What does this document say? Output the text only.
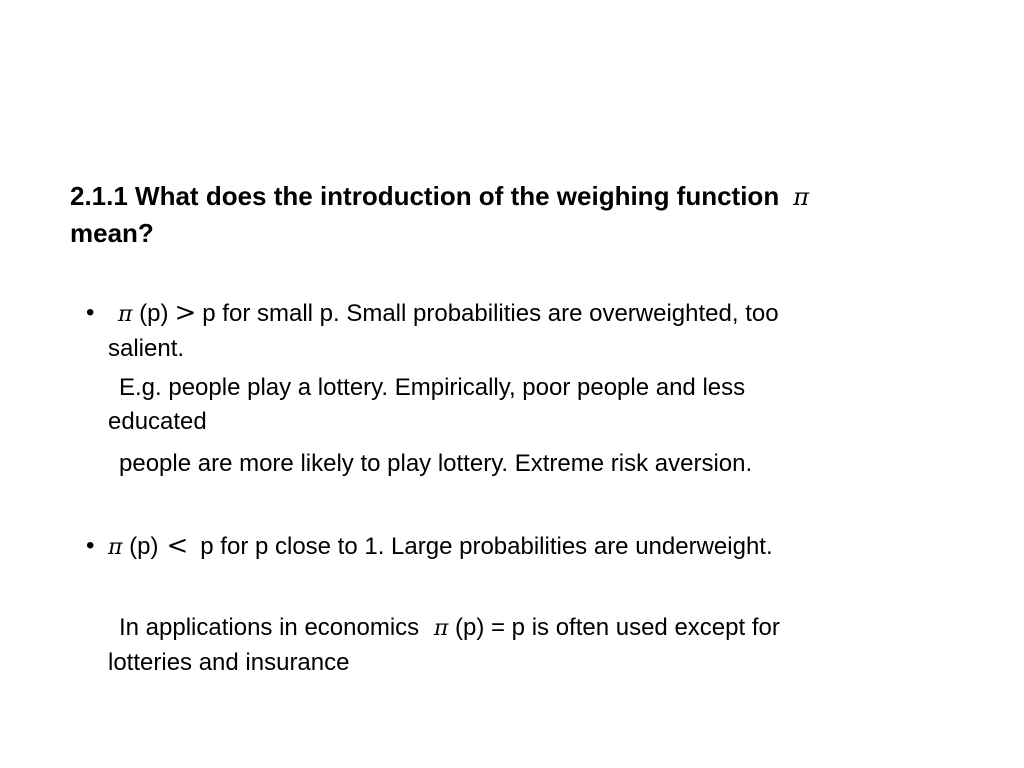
2.1.1 What does the introduction of the weighing function π
mean?
•	π (p) > p for small p. Small probabilities are overweighted, too
salient.
E.g. people play a lottery. Empirically, poor people and less
educated
people are more likely to play lottery. Extreme risk aversion.
• π (p) < p for p close to 1. Large probabilities are underweight.
In applications in economics π (p) = p is often used except for
lotteries and insurance
